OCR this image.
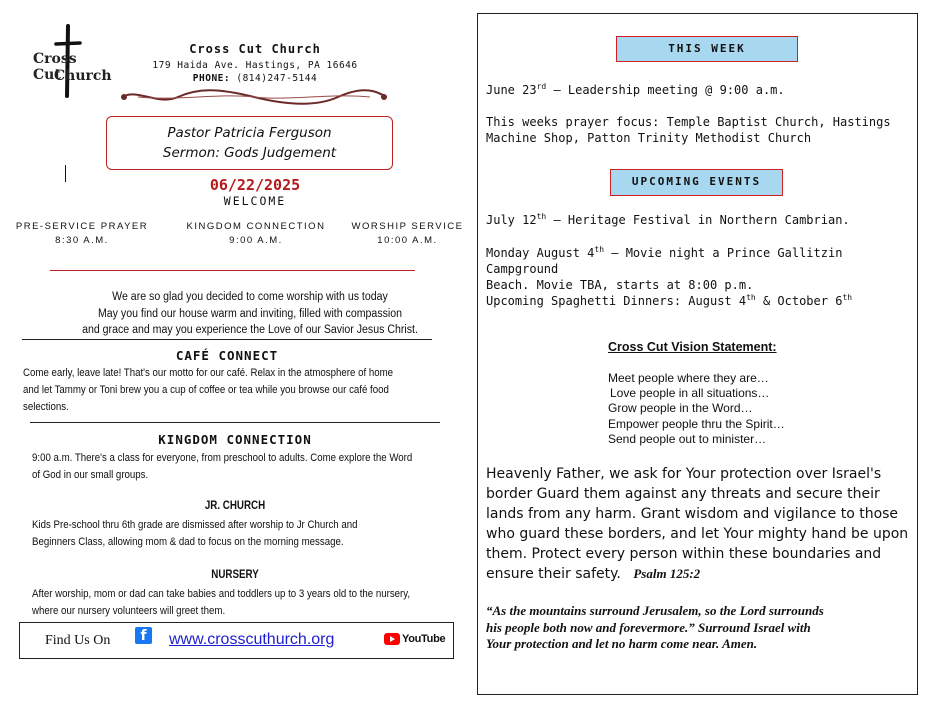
Cross Cut
Church
Cross Cut Church
179 Haida Ave. Hastings, PA 16646
PHONE: (814)247-5144
Pastor Patricia Ferguson
Sermon: Gods Judgement
06/22/2025
WELCOME
PRE-SERVICE PRAYER
8:30 A.M.
KINGDOM CONNECTION
9:00 A.M.
WORSHIP SERVICE
10:00 A.M.
We are so glad you decided to come worship with us today
May you find our house warm and inviting, filled with compassion
and grace and may you experience the Love of our Savior Jesus Christ.
CAFÉ CONNECT
Come early, leave late! That's our motto for our café. Relax in the atmosphere of home
and let Tammy or Toni brew you a cup of coffee or tea while you browse our café food
selections.
KINGDOM CONNECTION
9:00 a.m. There's a class for everyone, from preschool to adults. Come explore the Word
of God in our small groups.
JR. CHURCH
Kids Pre-school thru 6th grade are dismissed after worship to Jr Church and
Beginners Class, allowing mom & dad to focus on the morning message.
NURSERY
After worship, mom or dad can take babies and toddlers up to 3 years old to the nursery,
where our nursery volunteers will greet them.
Find Us On	f	www.crosscuthurch.org	YouTube
THIS WEEK
June 23rd – Leadership meeting @ 9:00 a.m.
This weeks prayer focus: Temple Baptist Church, Hastings
Machine Shop, Patton Trinity Methodist Church
UPCOMING EVENTS
July 12th – Heritage Festival in Northern Cambrian.
Monday August 4th – Movie night a Prince Gallitzin Campground
Beach. Movie TBA, starts at 8:00 p.m.
Upcoming Spaghetti Dinners: August 4th & October 6th
Cross Cut Vision Statement:
Meet people where they are…
Love people in all situations…
Grow people in the Word…
Empower people thru the Spirit…
Send people out to minister…
Heavenly Father, we ask for Your protection over Israel's border Guard them against any threats and secure their lands from any harm. Grant wisdom and vigilance to those who guard these borders, and let Your mighty hand be upon them. Protect every person within these boundaries and ensure their safety. Psalm 125:2
“As the mountains surround Jerusalem, so the Lord surrounds
his people both now and forevermore.” Surround Israel with
Your protection and let no harm come near. Amen.
